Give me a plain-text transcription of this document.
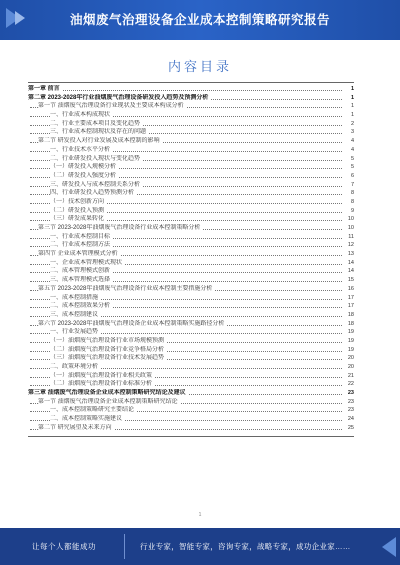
油烟废气治理设备企业成本控制策略研究报告
内容目录
第一章 前言	1
第二章 2023-2028年行业油烟废气治理设备研发投入趋势及预测分析	1
第一节 油烟废气治理设备行业现状及主要成本构成分析	1
一、行业成本构成现状	1
二、行业主要成本项目及变化趋势	2
三、行业成本控制现状及存在的问题	3
第二节 研发投入对行业发展及成本控制的影响	4
一、行业技术水平分析	4
二、行业研发投入现状与变化趋势	5
（一）研发投入规模分析	5
（二）研发投入强度分析	6
三、研发投入与成本控制关系分析	7
四、行业研发投入趋势预测分析	8
（一）技术创新方向	8
（二）研发投入预测	9
（三）研发成果转化	10
第三节 2023-2028年油烟废气治理设备行业成本控制策略分析	10
一、行业成本控制目标	11
二、行业成本控制方法	12
第四节 企业成本管理模式分析	13
一、企业成本管理模式现状	14
二、成本管理模式创新	14
三、成本管理模式选择	15
第五节 2023-2028年油烟废气治理设备行业成本控制主要措施分析	16
一、成本控制措施	17
二、成本控制效果分析	17
三、成本控制建议	18
第六节 2023-2028年油烟废气治理设备企业成本控制策略实施路径分析	18
一、行业发展趋势	19
（一）油烟废气治理设备行业市场规模预测	19
（二）油烟废气治理设备行业竞争格局分析	19
（三）油烟废气治理设备行业技术发展趋势	20
二、政策环境分析	20
（一）油烟废气治理设备行业相关政策	21
（二）油烟废气治理设备行业标准分析	22
第三章 油烟废气治理设备企业成本控制策略研究结论及建议	23
第一节 油烟废气治理设备企业成本控制策略研究结论	23
一、成本控制策略研究主要结论	23
二、成本控制策略实施建议	24
第二节 研究展望及未来方向	25
1
让每个人都能成功	行业专家，智能专家，咨询专家，战略专家，成功企业家……
